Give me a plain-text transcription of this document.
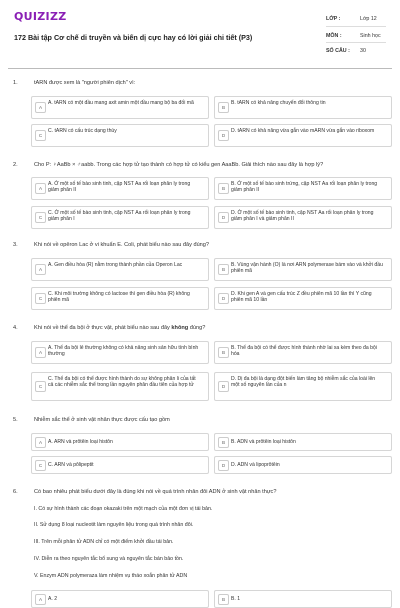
QUIZIZZ
172 Bài tập Cơ chế di truyền và biến dị cực hay có lời giải chi tiết (P3)
LỚP :	Lớp 12
MÔN :	Sinh học
SỐ CÂU : 30
1.	tARN được xem là "người phiên dịch" vì:
A
A. tARN có một đầu mang axit amin một đầu mang bộ ba đối mã
B
B. tARN có khả năng chuyển đổi thông tin
C
C. tARN có cấu trúc dạng thùy
D
D. tARN có khả năng vừa gắn vào mARN vừa gắn vào riboxom
2.	Cho P: ♀AaBb × ♂aabb. Trong các hợp tử tạo thành có hợp tử có kiểu gen AaaBb. Giải thích nào sau đây là hợp lý?
A
A. Ở một số tế bào sinh tinh, cặp NST Aa rối loạn phân ly trong giảm phân II	B
B. Ở một số tế bào sinh trứng, cặp NST Aa rối loạn phân ly trong giảm phân II
C
C. Ở một số tế bào sinh tinh, cặp NST Aa rối loạn phân ly trong giảm phân I	D
D. Ở một số tế bào sinh tinh, cặp NST Aa rối loạn phân ly trong giảm phân I và giảm phân II
3.	Khi nói về opêron Lac ở vi khuẩn E. Coli, phát biểu nào sau đây đúng?
A
A. Gen điều hòa (R) nằm trong thành phần của Operon Lac
B
B. Vùng vận hành (O) là nơi ARN polymerase bám vào và khởi đầu phiên mã
C
C. Khi môi trường không có lactose thì gen điều hòa (R) không phiên mã	D
D. Khi gen A và gen cấu trúc Z đều phiên mã 10 lần thì Y cũng phiên mã 10 lần
4.	Khi nói về thể đa bội ở thực vật, phát biểu nào sau đây không đúng?
A
A. Thể đa bội lẻ thường không có khả năng sinh sản hữu tính bình thường	B
B. Thể đa bội có thể được hình thành nhờ lai xa kèm theo đa bội hóa
C
C. Thể đa bội có thể được hình thành do sự không phân li của tất cả các nhiễm sắc thể trong lần nguyên phân đầu tiên của hợp tử	D
D. Dị đa bội là dạng đột biến làm tăng bộ nhiễm sắc của loài lên một số nguyên lần của n
5.	Nhiễm sắc thể ở sinh vật nhân thực được cấu tạo gồm
A	A. ARN và prôtêin loại histôn	B	B. ADN và prôtêin loại histôn
C	C. ARN và pôlipeptit	D	D. ADN và lipoprôtêin
6.	Có bao nhiêu phát biểu dưới đây là đúng khi nói về quá trình nhân đôi ADN ở sinh vật nhân thực?
I. Có sự hình thành các đoạn okazaki trên một mạch của một đơn vị tái bản.
II. Sử dụng 8 loại nucleotit làm nguyên liệu trong quá trình nhân đôi.
III. Trên mỗi phân tử ADN chỉ có một điểm khởi đầu tái bản.
IV. Diễn ra theo nguyên tắc bổ sung và nguyên tắc bán bảo tồn.
V. Enzym ADN polymeraza làm nhiệm vụ tháo xoắn phân tử ADN
A	A. 2	B	B. 1
